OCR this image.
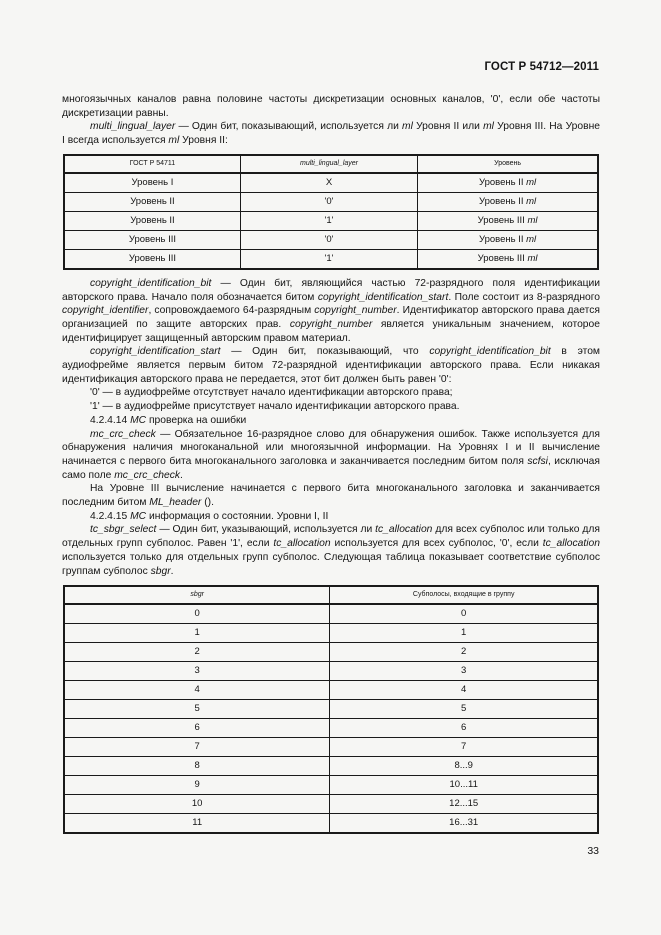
ГОСТ Р 54712—2011

многоязычных каналов равна половине частоты дискретизации основных каналов, '0', если обе частоты дискретизации равны.

multi_lingual_layer — Один бит, показывающий, используется ли ml Уровня II или ml Уровня III. На Уровне I всегда используется ml Уровня II:

ГОСТ Р 54711	multi_lingual_layer	Уровень
Уровень I	X	Уровень II ml
Уровень II	'0'	Уровень II ml
Уровень II	'1'	Уровень III ml
Уровень III	'0'	Уровень II ml
Уровень III	'1'	Уровень III ml

copyright_identification_bit — Один бит, являющийся частью 72-разрядного поля идентификации авторского права. Начало поля обозначается битом copyright_identification_start. Поле состоит из 8-разрядного copyright_identifier, сопровождаемого 64-разрядным copyright_number. Идентификатор авторского права дается организацией по защите авторских прав. copyright_number является уникальным значением, которое идентифицирует защищенный авторским правом материал.

copyright_identification_start — Один бит, показывающий, что copyright_identification_bit в этом аудиофрейме является первым битом 72-разрядной идентификации авторского права. Если никакая идентификация авторского права не передается, этот бит должен быть равен '0':

'0' — в аудиофрейме отсутствует начало идентификации авторского права;

'1' — в аудиофрейме присутствует начало идентификации авторского права.

4.2.4.14 MC проверка на ошибки

mc_crc_check — Обязательное 16-разрядное слово для обнаружения ошибок. Также используется для обнаружения наличия многоканальной или многоязычной информации. На Уровнях I и II вычисление начинается с первого бита многоканального заголовка и заканчивается последним битом поля scfsi, исключая само поле mc_crc_check.

На Уровне III вычисление начинается с первого бита многоканального заголовка и заканчивается последним битом ML_header ().

4.2.4.15 MC информация о состоянии. Уровни I, II

tc_sbgr_select — Один бит, указывающий, используется ли tc_allocation для всех субполос или только для отдельных групп субполос. Равен '1', если tc_allocation используется для всех субполос, '0', если tc_allocation используется только для отдельных групп субполос. Следующая таблица показывает соответствие субполос группам субполос sbgr.

sbgr	Субполосы, входящие в группу
0	0
1	1
2	2
3	3
4	4
5	5
6	6
7	7
8	8...9
9	10...11
10	12...15
11	16...31
33
